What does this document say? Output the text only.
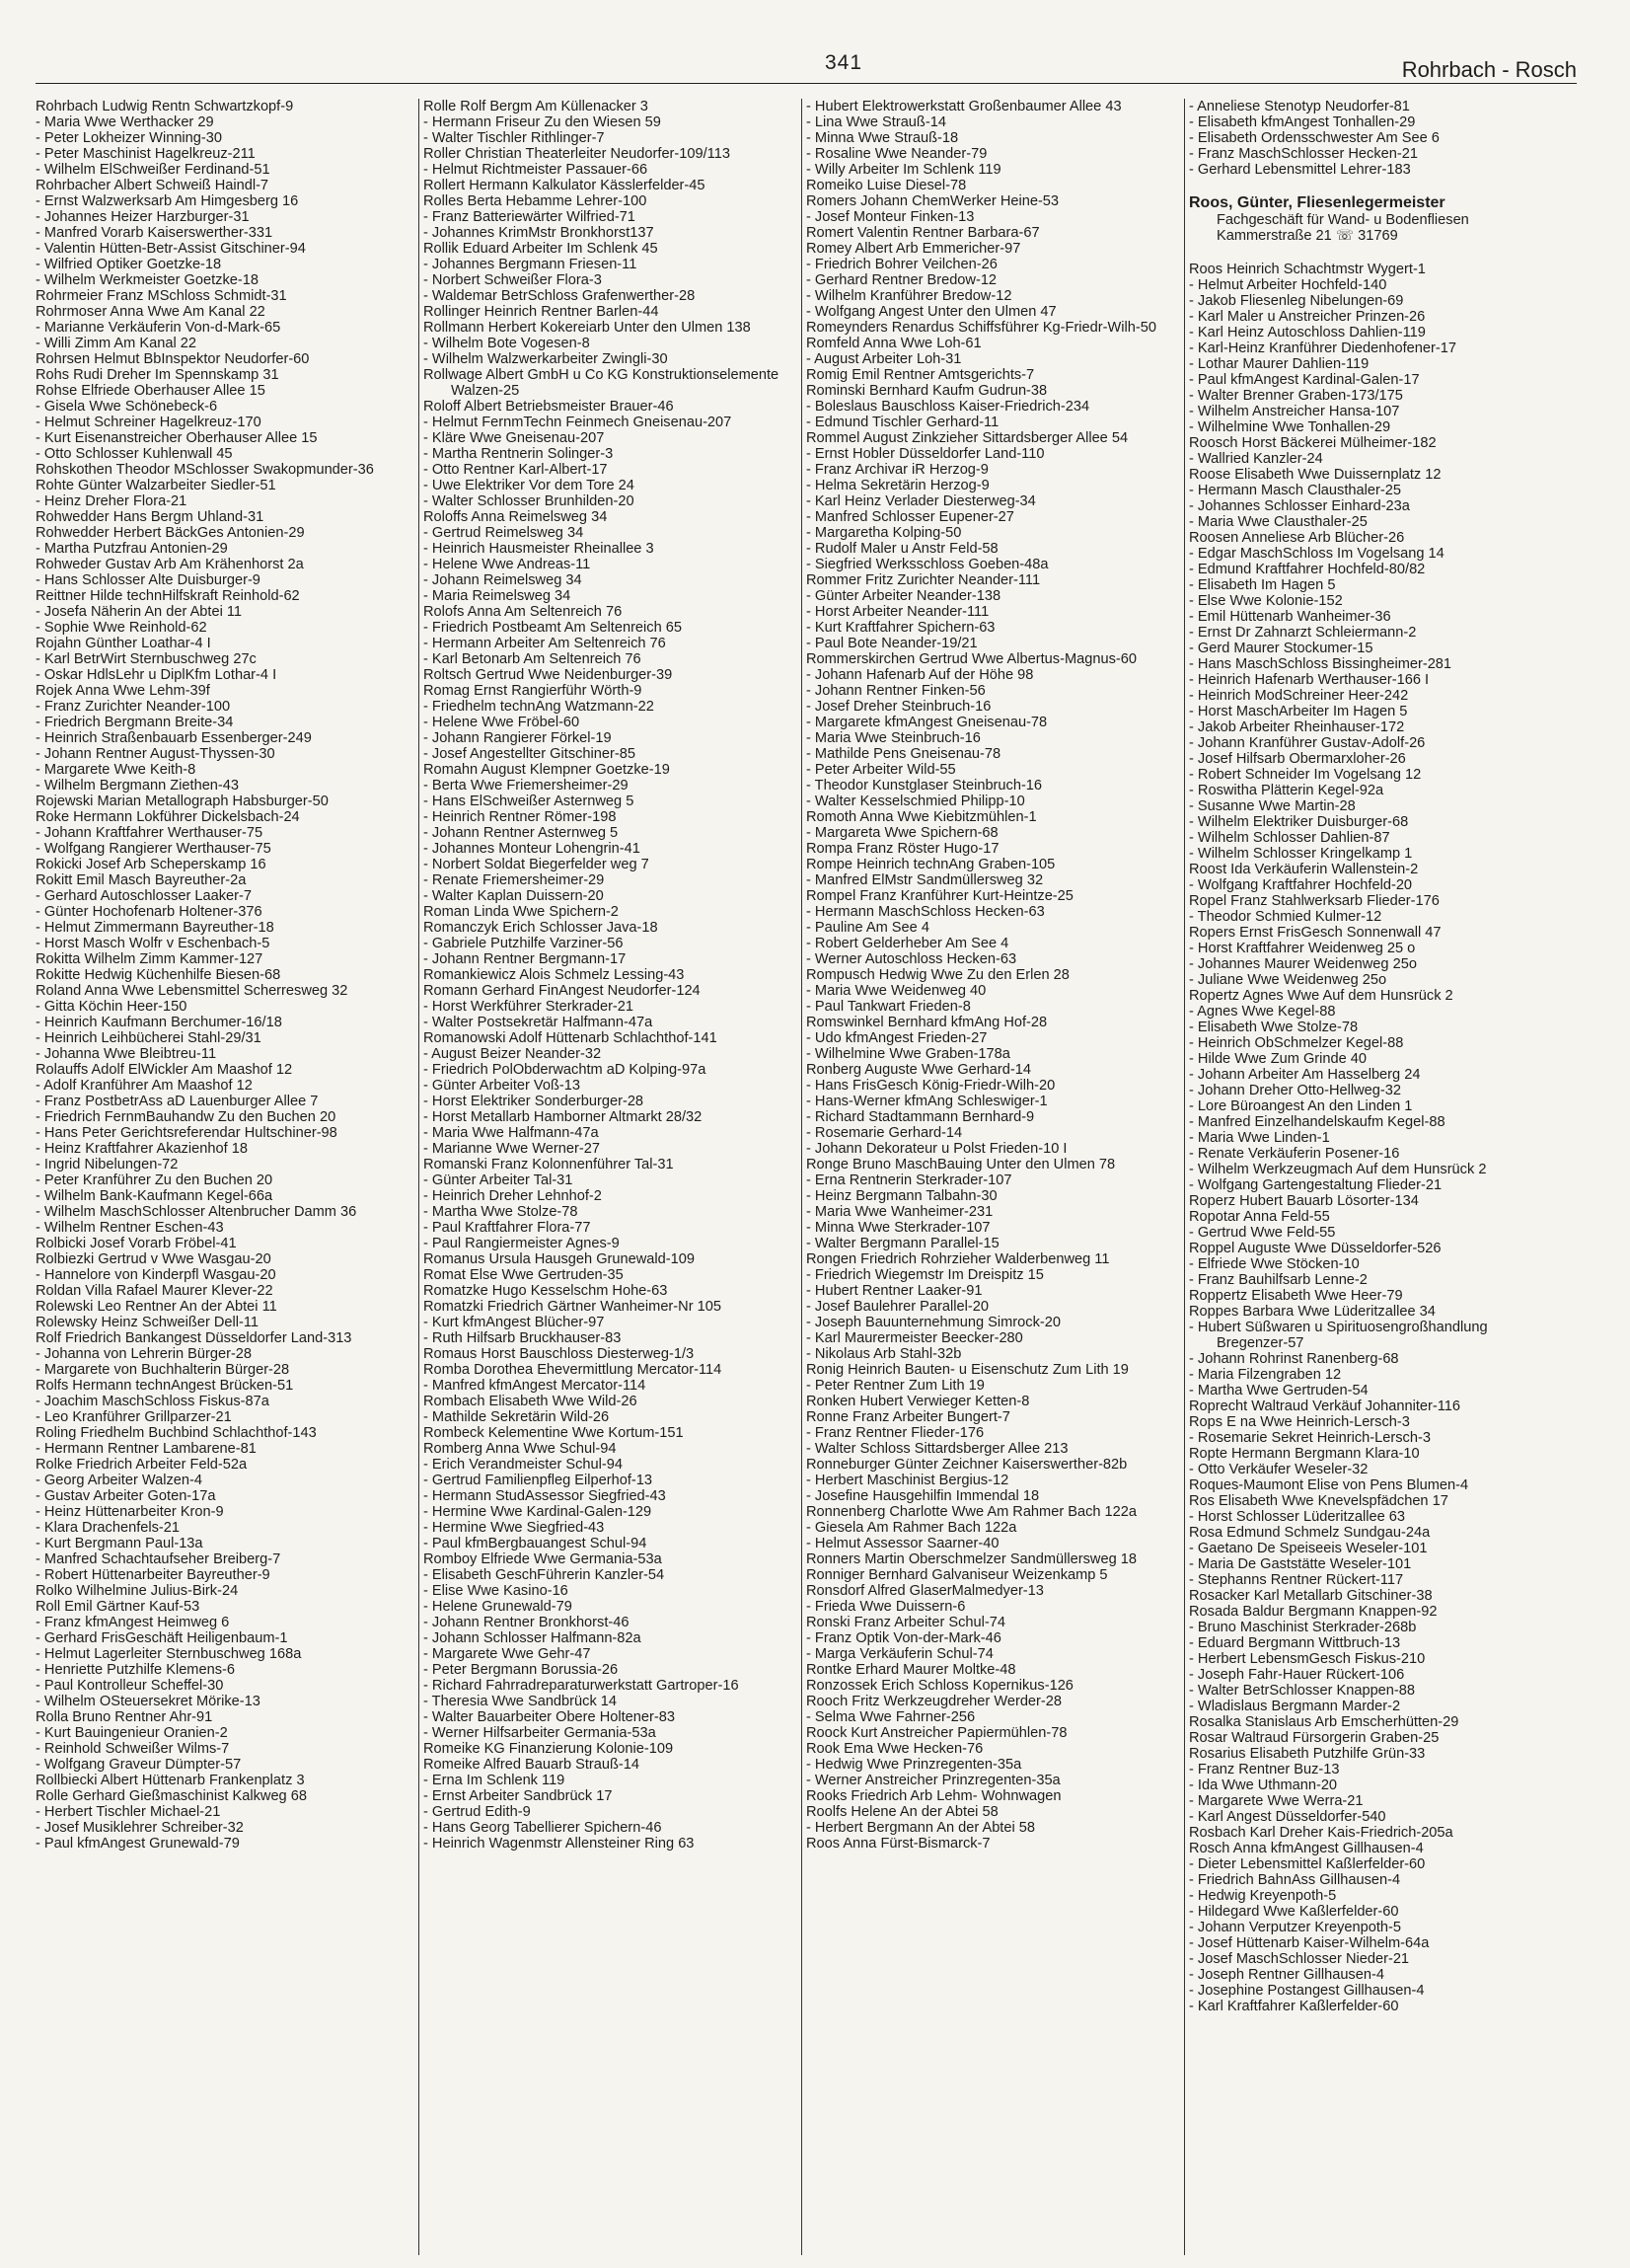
341	Rohrbach - Rosch
Rohrbach Ludwig Rentn Schwartzkopf-9
- Maria Wwe Werthacker 29
- Peter Lokheizer Winning-30
- Peter Maschinist Hagelkreuz-211
- Wilhelm ElSchweißer Ferdinand-51
Rohrbacher Albert Schweiß Haindl-7
- Ernst Walzwerksarb Am Himgesberg 16
- Johannes Heizer Harzburger-31
- Manfred Vorarb Kaiserswerther-331
- Valentin Hütten-Betr-Assist Gitschiner-94
- Wilfried Optiker Goetzke-18
- Wilhelm Werkmeister Goetzke-18
Rohrmeier Franz MSchloss Schmidt-31
Rohrmoser Anna Wwe Am Kanal 22
- Marianne Verkäuferin Von-d-Mark-65
- Willi Zimm Am Kanal 22
Rohrsen Helmut BbInspektor Neudorfer-60
Rohs Rudi Dreher Im Spennskamp 31
Rohse Elfriede Oberhauser Allee 15
- Gisela Wwe Schönebeck-6
- Helmut Schreiner Hagelkreuz-170
- Kurt Eisenanstreicher Oberhauser Allee 15
- Otto Schlosser Kuhlenwall 45
Rohskothen Theodor MSchlosser Swakopmunder-36
Rohte Günter Walzarbeiter Siedler-51
- Heinz Dreher Flora-21
Rohwedder Hans Bergm Uhland-31
Rohwedder Herbert BäckGes Antonien-29
- Martha Putzfrau Antonien-29
Rohweder Gustav Arb Am Krähenhorst 2a
- Hans Schlosser Alte Duisburger-9
Reittner Hilde technHilfskraft Reinhold-62
- Josefa Näherin An der Abtei 11
- Sophie Wwe Reinhold-62
Rojahn Günther Loathar-4 I
- Karl BetrWirt Sternbuschweg 27c
- Oskar HdlsLehr u DiplKfm Lothar-4 I
Rojek Anna Wwe Lehm-39f
- Franz Zurichter Neander-100
- Friedrich Bergmann Breite-34
- Heinrich Straßenbauarb Essenberger-249
- Johann Rentner August-Thyssen-30
- Margarete Wwe Keith-8
- Wilhelm Bergmann Ziethen-43
Rojewski Marian Metallograph Habsburger-50
Roke Hermann Lokführer Dickelsbach-24
- Johann Kraftfahrer Werthauser-75
- Wolfgang Rangierer Werthauser-75
Rokicki Josef Arb Scheperskamp 16
Rokitt Emil Masch Bayreuther-2a
- Gerhard Autoschlosser Laaker-7
- Günter Hochofenarb Holtener-376
- Helmut Zimmermann Bayreuther-18
- Horst Masch Wolfr v Eschenbach-5
Rokitta Wilhelm Zimm Kammer-127
Rokitte Hedwig Küchenhilfe Biesen-68
Roland Anna Wwe Lebensmittel Scherresweg 32
- Gitta Köchin Heer-150
- Heinrich Kaufmann Berchumer-16/18
- Heinrich Leihbücherei Stahl-29/31
- Johanna Wwe Bleibtreu-11
Rolauffs Adolf ElWickler Am Maashof 12
- Adolf Kranführer Am Maashof 12
- Franz PostbetrAss aD Lauenburger Allee 7
- Friedrich FernmBauhandw Zu den Buchen 20
- Hans Peter Gerichtsreferendar Hultschiner-98
- Heinz Kraftfahrer Akazienhof 18
- Ingrid Nibelungen-72
- Peter Kranführer Zu den Buchen 20
- Wilhelm Bank-Kaufmann Kegel-66a
- Wilhelm MaschSchlosser Altenbrucher Damm 36
- Wilhelm Rentner Eschen-43
Rolbicki Josef Vorarb Fröbel-41
Rolbiezki Gertrud v Wwe Wasgau-20
- Hannelore von Kinderpfl Wasgau-20
Roldan Villa Rafael Maurer Klever-22
Rolewski Leo Rentner An der Abtei 11
Rolewsky Heinz Schweißer Dell-11
Rolf Friedrich Bankangest Düsseldorfer Land-313
- Johanna von Lehrerin Bürger-28
- Margarete von Buchhalterin Bürger-28
Rolfs Hermann technAngest Brücken-51
- Joachim MaschSchloss Fiskus-87a
- Leo Kranführer Grillparzer-21
Roling Friedhelm Buchbind Schlachthof-143
- Hermann Rentner Lambarene-81
Rolke Friedrich Arbeiter Feld-52a
- Georg Arbeiter Walzen-4
- Gustav Arbeiter Goten-17a
- Heinz Hüttenarbeiter Kron-9
- Klara Drachenfels-21
- Kurt Bergmann Paul-13a
- Manfred Schachtaufseher Breiberg-7
- Robert Hüttenarbeiter Bayreuther-9
Rolko Wilhelmine Julius-Birk-24
Roll Emil Gärtner Kauf-53
- Franz kfmAngest Heimweg 6
- Gerhard FrisGeschäft Heiligenbaum-1
- Helmut Lagerleiter Sternbuschweg 168a
- Henriette Putzhilfe Klemens-6
- Paul Kontrolleur Scheffel-30
- Wilhelm OSteuersekret Mörike-13
Rolla Bruno Rentner Ahr-91
- Kurt Bauingenieur Oranien-2
- Reinhold Schweißer Wilms-7
- Wolfgang Graveur Dümpter-57
Rollbiecki Albert Hüttenarb Frankenplatz 3
Rolle Gerhard Gießmaschinist Kalkweg 68
- Herbert Tischler Michael-21
- Josef Musiklehrer Schreiber-32
- Paul kfmAngest Grunewald-79
Rolle Rolf Bergm Am Küllenacker 3
- Hermann Friseur Zu den Wiesen 59
- Walter Tischler Rithlinger-7
Roller Christian Theaterleiter Neudorfer-109/113
- Helmut Richtmeister Passauer-66
Rollert Hermann Kalkulator Kässlerfelder-45
Rolles Berta Hebamme Lehrer-100
- Franz Batteriewärter Wilfried-71
- Johannes KrimMstr Bronkhorst137
Rollik Eduard Arbeiter Im Schlenk 45
- Johannes Bergmann Friesen-11
- Norbert Schweißer Flora-3
- Waldemar BetrSchloss Grafenwerther-28
Rollinger Heinrich Rentner Barlen-44
Rollmann Herbert Kokereiarb Unter den Ulmen 138
- Wilhelm Bote Vogesen-8
- Wilhelm Walzwerkarbeiter Zwingli-30
Rollwage Albert GmbH u Co KG Konstruktionselemente Walzen-25
Roloff Albert Betriebsmeister Brauer-46
- Helmut FernmTechn Feinmech Gneisenau-207
- Kläre Wwe Gneisenau-207
- Martha Rentnerin Solinger-3
- Otto Rentner Karl-Albert-17
- Uwe Elektriker Vor dem Tore 24
- Walter Schlosser Brunhilden-20
Roloffs Anna Reimelsweg 34
- Gertrud Reimelsweg 34
- Heinrich Hausmeister Rheinallee 3
- Helene Wwe Andreas-11
- Johann Reimelsweg 34
- Maria Reimelsweg 34
Rolofs Anna Am Seltenreich 76
- Friedrich Postbeamt Am Seltenreich 65
- Hermann Arbeiter Am Seltenreich 76
- Karl Betonarb Am Seltenreich 76
Roltsch Gertrud Wwe Neidenburger-39
Romag Ernst Rangierführ Wörth-9
- Friedhelm technAng Watzmann-22
- Helene Wwe Fröbel-60
- Johann Rangierer Förkel-19
- Josef Angestellter Gitschiner-85
Romahn August Klempner Goetzke-19
- Berta Wwe Friemersheimer-29
- Hans ElSchweißer Asternweg 5
- Heinrich Rentner Römer-198
- Johann Rentner Asternweg 5
- Johannes Monteur Lohengrin-41
- Norbert Soldat Biegerfelder weg 7
- Renate Friemersheimer-29
- Walter Kaplan Duissern-20
Roman Linda Wwe Spichern-2
Romanczyk Erich Schlosser Java-18
- Gabriele Putzhilfe Varziner-56
- Johann Rentner Bergmann-17
Romankiewicz Alois Schmelz Lessing-43
Romann Gerhard FinAngest Neudorfer-124
- Horst Werkführer Sterkrader-21
- Walter Postsekretär Halfmann-47a
Romanowski Adolf Hüttenarb Schlachthof-141
- August Beizer Neander-32
- Friedrich PolObderwachtm aD Kolping-97a
- Günter Arbeiter Voß-13
- Horst Elektriker Sonderburger-28
- Horst Metallarb Hamborner Altmarkt 28/32
- Maria Wwe Halfmann-47a
- Marianne Wwe Werner-27
Romanski Franz Kolonnenführer Tal-31
- Günter Arbeiter Tal-31
- Heinrich Dreher Lehnhof-2
- Martha Wwe Stolze-78
- Paul Kraftfahrer Flora-77
- Paul Rangiermeister Agnes-9
Romanus Ursula Hausgeh Grunewald-109
Romat Else Wwe Gertruden-35
Romatzke Hugo Kesselschm Hohe-63
Romatzki Friedrich Gärtner Wanheimer-Nr 105
- Kurt kfmAngest Blücher-97
- Ruth Hilfsarb Bruckhauser-83
Romaus Horst Bauschloss Diesterweg-1/3
Romba Dorothea Ehevermittlung Mercator-114
- Manfred kfmAngest Mercator-114
Rombach Elisabeth Wwe Wild-26
- Mathilde Sekretärin Wild-26
Rombeck Kelementine Wwe Kortum-151
Romberg Anna Wwe Schul-94
- Erich Verandmeister Schul-94
- Gertrud Familienpfleg Eilperhof-13
- Hermann StudAssessor Siegfried-43
- Hermine Wwe Kardinal-Galen-129
- Hermine Wwe Siegfried-43
- Paul kfmBergbauangest Schul-94
Romboy Elfriede Wwe Germania-53a
- Elisabeth GeschFührerin Kanzler-54
- Elise Wwe Kasino-16
- Helene Grunewald-79
- Johann Rentner Bronkhorst-46
- Johann Schlosser Halfmann-82a
- Margarete Wwe Gehr-47
- Peter Bergmann Borussia-26
- Richard Fahrradreparaturwerkstatt Gartroper-16
- Theresia Wwe Sandbrück 14
- Walter Bauarbeiter Obere Holtener-83
- Werner Hilfsarbeiter Germania-53a
Romeike KG Finanzierung Kolonie-109
Romeike Alfred Bauarb Strauß-14
- Erna Im Schlenk 119
- Ernst Arbeiter Sandbrück 17
- Gertrud Edith-9
- Hans Georg Tabellierer Spichern-46
- Heinrich Wagenmstr Allensteiner Ring 63
- Hubert Elektrowerkstatt Großenbaumer Allee 43
- Lina Wwe Strauß-14
- Minna Wwe Strauß-18
- Rosaline Wwe Neander-79
- Willy Arbeiter Im Schlenk 119
Romeiko Luise Diesel-78
Romers Johann ChemWerker Heine-53
- Josef Monteur Finken-13
Romert Valentin Rentner Barbara-67
Romey Albert Arb Emmericher-97
- Friedrich Bohrer Veilchen-26
- Gerhard Rentner Bredow-12
- Wilhelm Kranführer Bredow-12
- Wolfgang Angest Unter den Ulmen 47
Romeynders Renardus Schiffsführer Kg-Friedr-Wilh-50
Romfeld Anna Wwe Loh-61
- August Arbeiter Loh-31
Romig Emil Rentner Amtsgerichts-7
Rominski Bernhard Kaufm Gudrun-38
- Boleslaus Bauschloss Kaiser-Friedrich-234
- Edmund Tischler Gerhard-11
Rommel August Zinkzieher Sittardsberger Allee 54
- Ernst Hobler Düsseldorfer Land-110
- Franz Archivar iR Herzog-9
- Helma Sekretärin Herzog-9
- Karl Heinz Verlader Diesterweg-34
- Manfred Schlosser Eupener-27
- Margaretha Kolping-50
- Rudolf Maler u Anstr Feld-58
- Siegfried Werksschloss Goeben-48a
Rommer Fritz Zurichter Neander-111
- Günter Arbeiter Neander-138
- Horst Arbeiter Neander-111
- Kurt Kraftfahrer Spichern-63
- Paul Bote Neander-19/21
Rommerskirchen Gertrud Wwe Albertus-Magnus-60
- Johann Hafenarb Auf der Höhe 98
- Johann Rentner Finken-56
- Josef Dreher Steinbruch-16
- Margarete kfmAngest Gneisenau-78
- Maria Wwe Steinbruch-16
- Mathilde Pens Gneisenau-78
- Peter Arbeiter Wild-55
- Theodor Kunstglaser Steinbruch-16
- Walter Kesselschmied Philipp-10
Romoth Anna Wwe Kiebitzmühlen-1
- Margareta Wwe Spichern-68
Rompa Franz Röster Hugo-17
Rompe Heinrich technAng Graben-105
- Manfred ElMstr Sandmüllersweg 32
Rompel Franz Kranführer Kurt-Heintze-25
- Hermann MaschSchloss Hecken-63
- Pauline Am See 4
- Robert Gelderheber Am See 4
- Werner Autoschloss Hecken-63
Rompusch Hedwig Wwe Zu den Erlen 28
- Maria Wwe Weidenweg 40
- Paul Tankwart Frieden-8
Romswinkel Bernhard kfmAng Hof-28
- Udo kfmAngest Frieden-27
- Wilhelmine Wwe Graben-178a
Ronberg Auguste Wwe Gerhard-14
- Hans FrisGesch König-Friedr-Wilh-20
- Hans-Werner kfmAng Schleswiger-1
- Richard Stadtammann Bernhard-9
- Rosemarie Gerhard-14
- Johann Dekorateur u Polst Frieden-10 I
Ronge Bruno MaschBauing Unter den Ulmen 78
- Erna Rentnerin Sterkrader-107
- Heinz Bergmann Talbahn-30
- Maria Wwe Wanheimer-231
- Minna Wwe Sterkrader-107
- Walter Bergmann Parallel-15
Rongen Friedrich Rohrzieher Walderbenweg 11
- Friedrich Wiegemstr Im Dreispitz 15
- Hubert Rentner Laaker-91
- Josef Baulehrer Parallel-20
- Joseph Bauunternehmung Simrock-20
- Karl Maurermeister Beecker-280
- Nikolaus Arb Stahl-32b
Ronig Heinrich Bauten- u Eisenschutz Zum Lith 19
- Peter Rentner Zum Lith 19
Ronken Hubert Verwieger Ketten-8
Ronne Franz Arbeiter Bungert-7
- Franz Rentner Flieder-176
- Walter Schloss Sittardsberger Allee 213
Ronneburger Günter Zeichner Kaiserswerther-82b
- Herbert Maschinist Bergius-12
- Josefine Hausgehilfin Immendal 18
Ronnenberg Charlotte Wwe Am Rahmer Bach 122a
- Giesela Am Rahmer Bach 122a
- Helmut Assessor Saarner-40
Ronners Martin Oberschmelzer Sandmüllersweg 18
Ronniger Bernhard Galvaniseur Weizenkamp 5
Ronsdorf Alfred GlaserMalmedyer-13
- Frieda Wwe Duissern-6
Ronski Franz Arbeiter Schul-74
- Franz Optik Von-der-Mark-46
- Marga Verkäuferin Schul-74
Rontke Erhard Maurer Moltke-48
Ronzossek Erich Schloss Kopernikus-126
Rooch Fritz Werkzeugdreher Werder-28
- Selma Wwe Fahrner-256
Roock Kurt Anstreicher Papiermühlen-78
Rook Ema Wwe Hecken-76
- Hedwig Wwe Prinzregenten-35a
- Werner Anstreicher Prinzregenten-35a
Rooks Friedrich Arb Lehm- Wohnwagen
Roolfs Helene An der Abtei 58
- Herbert Bergmann An der Abtei 58
Roos Anna Fürst-Bismarck-7
- Anneliese Stenotyp Neudorfer-81
- Elisabeth kfmAngest Tonhallen-29
- Elisabeth Ordensschwester Am See 6
- Franz MaschSchlosser Hecken-21
- Gerhard Lebensmittel Lehrer-183
Roos, Günter, Fliesenlegermeister
Fachgeschäft für Wand- u Bodenfliesen
Kammerstraße 21 ☏ 31769
Roos Heinrich Schachtmstr Wygert-1
- Helmut Arbeiter Hochfeld-140
- Jakob Fliesenleg Nibelungen-69
- Karl Maler u Anstreicher Prinzen-26
- Karl Heinz Autoschloss Dahlien-119
- Karl-Heinz Kranführer Diedenhofener-17
- Lothar Maurer Dahlien-119
- Paul kfmAngest Kardinal-Galen-17
- Walter Brenner Graben-173/175
- Wilhelm Anstreicher Hansa-107
- Wilhelmine Wwe Tonhallen-29
Roosch Horst Bäckerei Mülheimer-182
- Wallried Kanzler-24
Roose Elisabeth Wwe Duissernplatz 12
- Hermann Masch Clausthaler-25
- Johannes Schlosser Einhard-23a
- Maria Wwe Clausthaler-25
Roosen Anneliese Arb Blücher-26
- Edgar MaschSchloss Im Vogelsang 14
- Edmund Kraftfahrer Hochfeld-80/82
- Elisabeth Im Hagen 5
- Else Wwe Kolonie-152
- Emil Hüttenarb Wanheimer-36
- Ernst Dr Zahnarzt Schleiermann-2
- Gerd Maurer Stockumer-15
- Hans MaschSchloss Bissingheimer-281
- Heinrich Hafenarb Werthauser-166 I
- Heinrich ModSchreiner Heer-242
- Horst MaschArbeiter Im Hagen 5
- Jakob Arbeiter Rheinhauser-172
- Johann Kranführer Gustav-Adolf-26
- Josef Hilfsarb Obermarxloher-26
- Robert Schneider Im Vogelsang 12
- Roswitha Plätterin Kegel-92a
- Susanne Wwe Martin-28
- Wilhelm Elektriker Duisburger-68
- Wilhelm Schlosser Dahlien-87
- Wilhelm Schlosser Kringelkamp 1
Roost Ida Verkäuferin Wallenstein-2
- Wolfgang Kraftfahrer Hochfeld-20
Ropel Franz Stahlwerksarb Flieder-176
- Theodor Schmied Kulmer-12
Ropers Ernst FrisGesch Sonnenwall 47
- Horst Kraftfahrer Weidenweg 25 o
- Johannes Maurer Weidenweg 25o
- Juliane Wwe Weidenweg 25o
Ropertz Agnes Wwe Auf dem Hunsrück 2
- Agnes Wwe Kegel-88
- Elisabeth Wwe Stolze-78
- Heinrich ObSchmelzer Kegel-88
- Hilde Wwe Zum Grinde 40
- Johann Arbeiter Am Hasselberg 24
- Johann Dreher Otto-Hellweg-32
- Lore Büroangest An den Linden 1
- Manfred Einzelhandelskaufm Kegel-88
- Maria Wwe Linden-1
- Renate Verkäuferin Posener-16
- Wilhelm Werkzeugmach Auf dem Hunsrück 2
- Wolfgang Gartengestaltung Flieder-21
Roperz Hubert Bauarb Lösorter-134
Ropotar Anna Feld-55
- Gertrud Wwe Feld-55
Roppel Auguste Wwe Düsseldorfer-526
- Elfriede Wwe Stöcken-10
- Franz Bauhilfsarb Lenne-2
Roppertz Elisabeth Wwe Heer-79
Roppes Barbara Wwe Lüderitzallee 34
- Hubert Süßwaren u Spirituosengroßhandlung Bregenzer-57
- Johann Rohrinst Ranenberg-68
- Maria Filzengraben 12
- Martha Wwe Gertruden-54
Roprecht Waltraud Verkäuf Johanniter-116
Rops E na Wwe Heinrich-Lersch-3
- Rosemarie Sekret Heinrich-Lersch-3
Ropte Hermann Bergmann Klara-10
- Otto Verkäufer Weseler-32
Roques-Maumont Elise von Pens Blumen-4
Ros Elisabeth Wwe Knevelspfädchen 17
- Horst Schlosser Lüderitzallee 63
Rosa Edmund Schmelz Sundgau-24a
- Gaetano De Speiseeis Weseler-101
- Maria De Gaststätte Weseler-101
- Stephanns Rentner Rückert-117
Rosacker Karl Metallarb Gitschiner-38
Rosada Baldur Bergmann Knappen-92
- Bruno Maschinist Sterkrader-268b
- Eduard Bergmann Wittbruch-13
- Herbert LebensmGesch Fiskus-210
- Joseph Fahr-Hauer Rückert-106
- Walter BetrSchlosser Knappen-88
- Wladislaus Bergmann Marder-2
Rosalka Stanislaus Arb Emscherhütten-29
Rosar Waltraud Fürsorgerin Graben-25
Rosarius Elisabeth Putzhilfe Grün-33
- Franz Rentner Buz-13
- Ida Wwe Uthmann-20
- Margarete Wwe Werra-21
- Karl Angest Düsseldorfer-540
Rosbach Karl Dreher Kais-Friedrich-205a
Rosch Anna kfmAngest Gillhausen-4
- Dieter Lebensmittel Kaßlerfelder-60
- Friedrich BahnAss Gillhausen-4
- Hedwig Kreyenpoth-5
- Hildegard Wwe Kaßlerfelder-60
- Johann Verputzer Kreyenpoth-5
- Josef Hüttenarb Kaiser-Wilhelm-64a
- Josef MaschSchlosser Nieder-21
- Joseph Rentner Gillhausen-4
- Josephine Postangest Gillhausen-4
- Karl Kraftfahrer Kaßlerfelder-60
